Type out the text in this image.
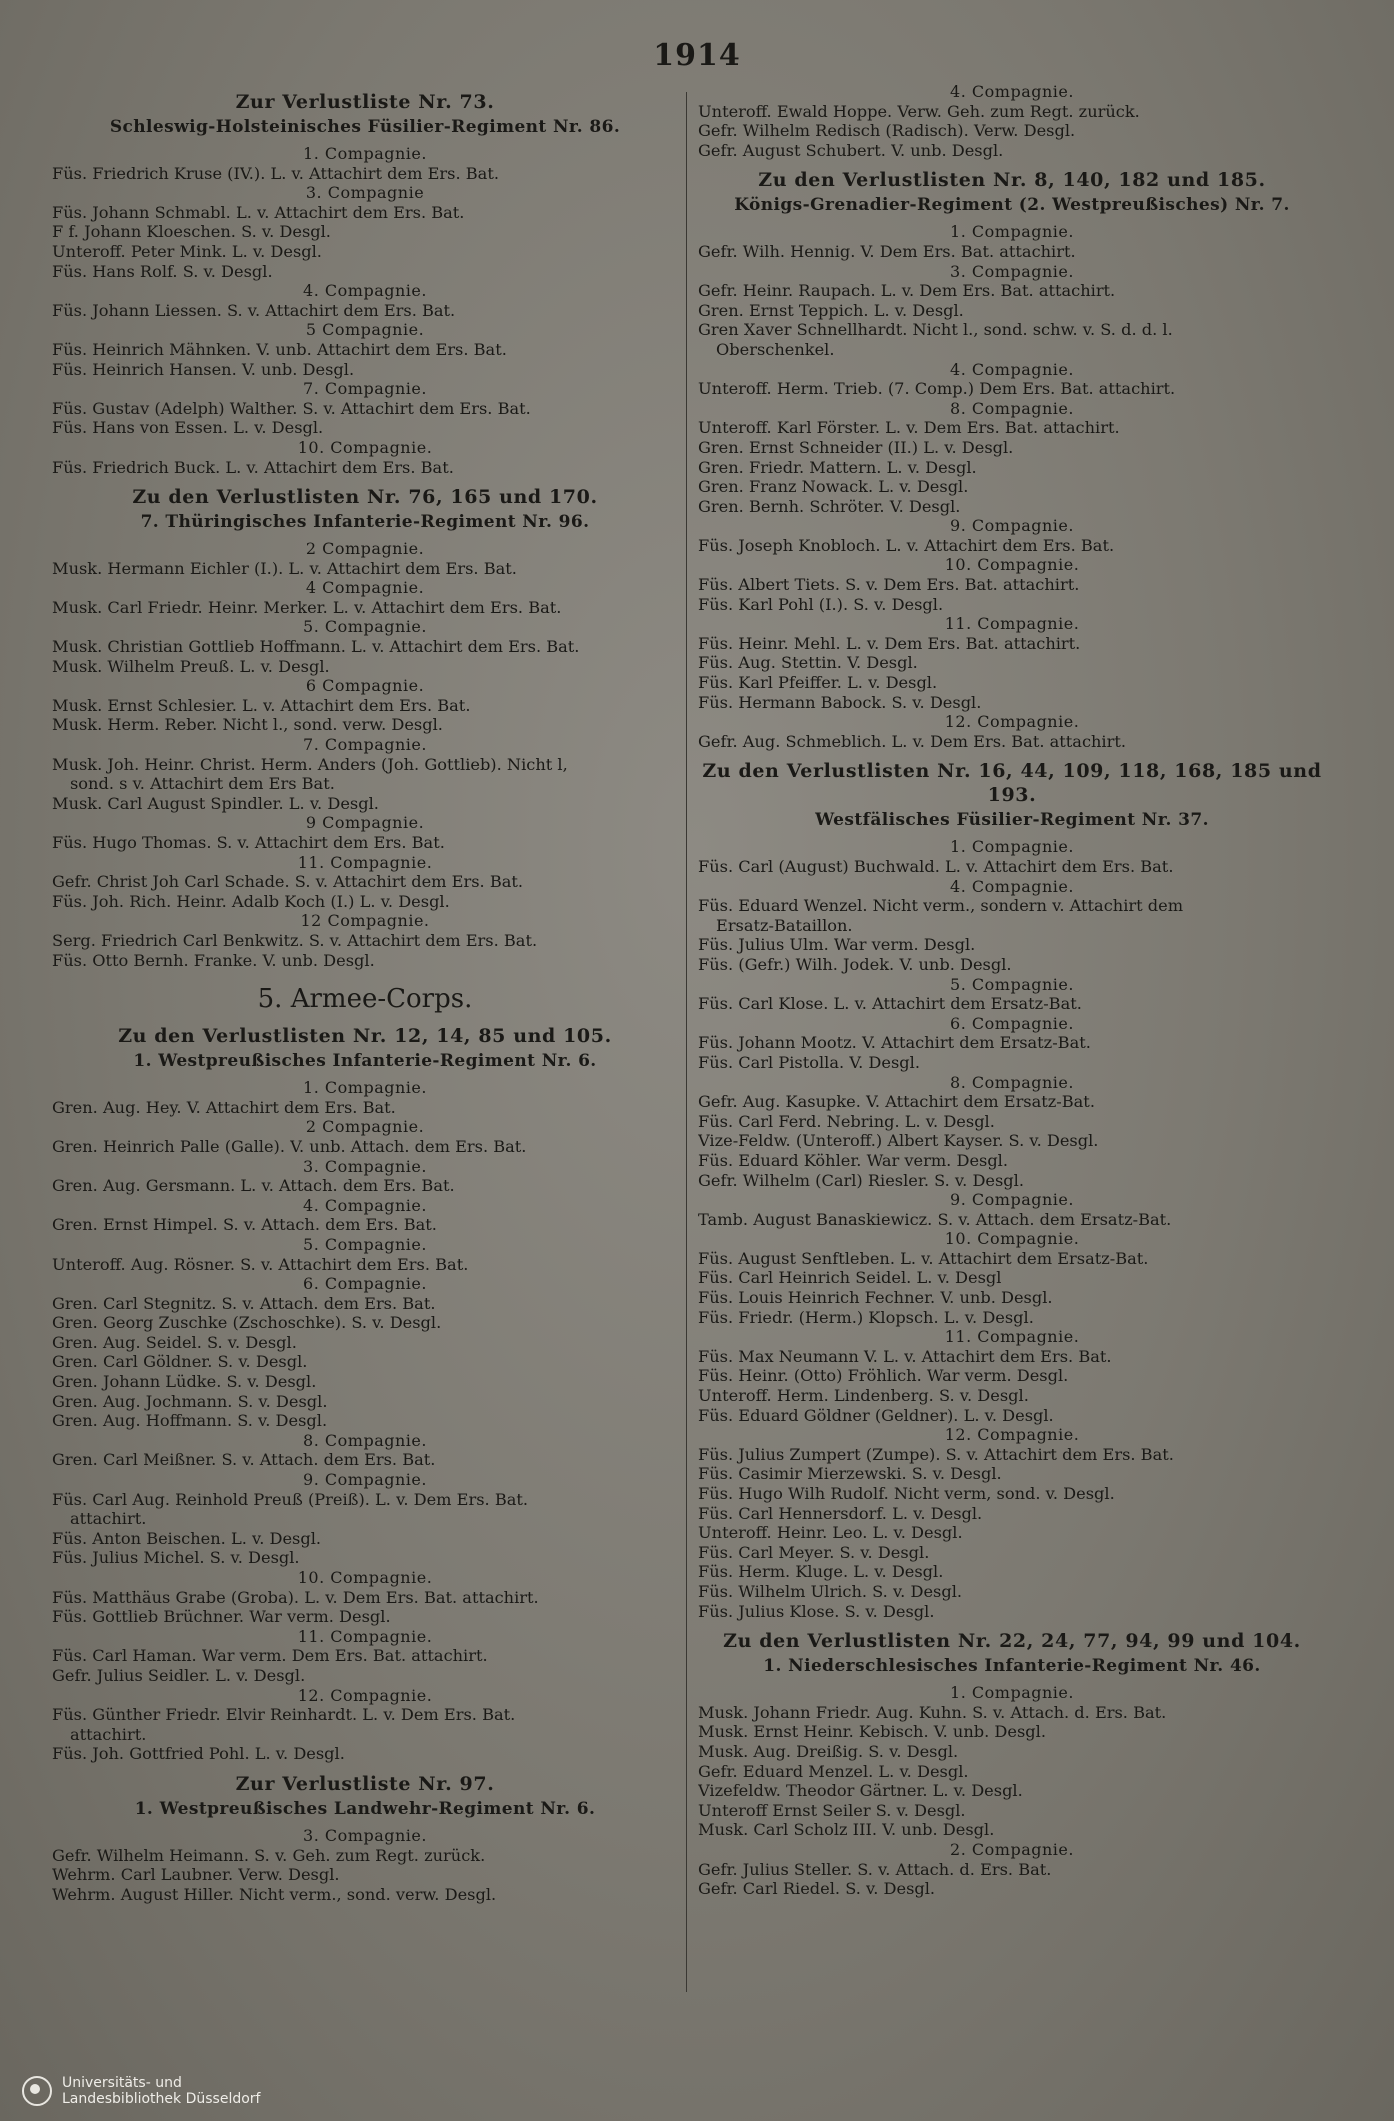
1914
Zur Verlustliste Nr. 73.
Schleswig-Holsteinisches Füsilier-Regiment Nr. 86.
1. Compagnie.
Füs. Friedrich Kruse (IV.). L. v. Attachirt dem Ers. Bat.
3. Compagnie
Füs. Johann Schmabl. L. v. Attachirt dem Ers. Bat.
F f. Johann Kloeschen. S. v. Desgl.
Unteroff. Peter Mink. L. v. Desgl.
Füs. Hans Rolf. S. v. Desgl.
4. Compagnie.
Füs. Johann Liessen. S. v. Attachirt dem Ers. Bat.
5 Compagnie.
Füs. Heinrich Mähnken. V. unb. Attachirt dem Ers. Bat.
Füs. Heinrich Hansen. V. unb. Desgl.
7. Compagnie.
Füs. Gustav (Adelph) Walther. S. v. Attachirt dem Ers. Bat.
Füs. Hans von Essen. L. v. Desgl.
10. Compagnie.
Füs. Friedrich Buck. L. v. Attachirt dem Ers. Bat.
Zu den Verlustlisten Nr. 76, 165 und 170.
7. Thüringisches Infanterie-Regiment Nr. 96.
2 Compagnie.
Musk. Hermann Eichler (I.). L. v. Attachirt dem Ers. Bat.
4 Compagnie.
Musk. Carl Friedr. Heinr. Merker. L. v. Attachirt dem Ers. Bat.
5. Compagnie.
Musk. Christian Gottlieb Hoffmann. L. v. Attachirt dem Ers. Bat.
Musk. Wilhelm Preuß. L. v. Desgl.
6 Compagnie.
Musk. Ernst Schlesier. L. v. Attachirt dem Ers. Bat.
Musk. Herm. Reber. Nicht l., sond. verw. Desgl.
7. Compagnie.
Musk. Joh. Heinr. Christ. Herm. Anders (Joh. Gottlieb). Nicht l,
sond. s v. Attachirt dem Ers Bat.
Musk. Carl August Spindler. L. v. Desgl.
9 Compagnie.
Füs. Hugo Thomas. S. v. Attachirt dem Ers. Bat.
11. Compagnie.
Gefr. Christ Joh Carl Schade. S. v. Attachirt dem Ers. Bat.
Füs. Joh. Rich. Heinr. Adalb Koch (I.) L. v. Desgl.
12 Compagnie.
Serg. Friedrich Carl Benkwitz. S. v. Attachirt dem Ers. Bat.
Füs. Otto Bernh. Franke. V. unb. Desgl.
5. Armee-Corps.
Zu den Verlustlisten Nr. 12, 14, 85 und 105.
1. Westpreußisches Infanterie-Regiment Nr. 6.
1. Compagnie.
Gren. Aug. Hey. V. Attachirt dem Ers. Bat.
2 Compagnie.
Gren. Heinrich Palle (Galle). V. unb. Attach. dem Ers. Bat.
3. Compagnie.
Gren. Aug. Gersmann. L. v. Attach. dem Ers. Bat.
4. Compagnie.
Gren. Ernst Himpel. S. v. Attach. dem Ers. Bat.
5. Compagnie.
Unteroff. Aug. Rösner. S. v. Attachirt dem Ers. Bat.
6. Compagnie.
Gren. Carl Stegnitz. S. v. Attach. dem Ers. Bat.
Gren. Georg Zuschke (Zschoschke). S. v. Desgl.
Gren. Aug. Seidel. S. v. Desgl.
Gren. Carl Göldner. S. v. Desgl.
Gren. Johann Lüdke. S. v. Desgl.
Gren. Aug. Jochmann. S. v. Desgl.
Gren. Aug. Hoffmann. S. v. Desgl.
8. Compagnie.
Gren. Carl Meißner. S. v. Attach. dem Ers. Bat.
9. Compagnie.
Füs. Carl Aug. Reinhold Preuß (Preiß). L. v. Dem Ers. Bat.
attachirt.
Füs. Anton Beischen. L. v. Desgl.
Füs. Julius Michel. S. v. Desgl.
10. Compagnie.
Füs. Matthäus Grabe (Groba). L. v. Dem Ers. Bat. attachirt.
Füs. Gottlieb Brüchner. War verm. Desgl.
11. Compagnie.
Füs. Carl Haman. War verm. Dem Ers. Bat. attachirt.
Gefr. Julius Seidler. L. v. Desgl.
12. Compagnie.
Füs. Günther Friedr. Elvir Reinhardt. L. v. Dem Ers. Bat.
attachirt.
Füs. Joh. Gottfried Pohl. L. v. Desgl.
Zur Verlustliste Nr. 97.
1. Westpreußisches Landwehr-Regiment Nr. 6.
3. Compagnie.
Gefr. Wilhelm Heimann. S. v. Geh. zum Regt. zurück.
Wehrm. Carl Laubner. Verw. Desgl.
Wehrm. August Hiller. Nicht verm., sond. verw. Desgl.
4. Compagnie.
Unteroff. Ewald Hoppe. Verw. Geh. zum Regt. zurück.
Gefr. Wilhelm Redisch (Radisch). Verw. Desgl.
Gefr. August Schubert. V. unb. Desgl.
Zu den Verlustlisten Nr. 8, 140, 182 und 185.
Königs-Grenadier-Regiment (2. Westpreußisches) Nr. 7.
1. Compagnie.
Gefr. Wilh. Hennig. V. Dem Ers. Bat. attachirt.
3. Compagnie.
Gefr. Heinr. Raupach. L. v. Dem Ers. Bat. attachirt.
Gren. Ernst Teppich. L. v. Desgl.
Gren Xaver Schnellhardt. Nicht l., sond. schw. v. S. d. d. l.
Oberschenkel.
4. Compagnie.
Unteroff. Herm. Trieb. (7. Comp.) Dem Ers. Bat. attachirt.
8. Compagnie.
Unteroff. Karl Förster. L. v. Dem Ers. Bat. attachirt.
Gren. Ernst Schneider (II.) L. v. Desgl.
Gren. Friedr. Mattern. L. v. Desgl.
Gren. Franz Nowack. L. v. Desgl.
Gren. Bernh. Schröter. V. Desgl.
9. Compagnie.
Füs. Joseph Knobloch. L. v. Attachirt dem Ers. Bat.
10. Compagnie.
Füs. Albert Tiets. S. v. Dem Ers. Bat. attachirt.
Füs. Karl Pohl (I.). S. v. Desgl.
11. Compagnie.
Füs. Heinr. Mehl. L. v. Dem Ers. Bat. attachirt.
Füs. Aug. Stettin. V. Desgl.
Füs. Karl Pfeiffer. L. v. Desgl.
Füs. Hermann Babock. S. v. Desgl.
12. Compagnie.
Gefr. Aug. Schmeblich. L. v. Dem Ers. Bat. attachirt.
Zu den Verlustlisten Nr. 16, 44, 109, 118, 168, 185 und 193.
Westfälisches Füsilier-Regiment Nr. 37.
1. Compagnie.
Füs. Carl (August) Buchwald. L. v. Attachirt dem Ers. Bat.
4. Compagnie.
Füs. Eduard Wenzel. Nicht verm., sondern v. Attachirt dem
Ersatz-Bataillon.
Füs. Julius Ulm. War verm. Desgl.
Füs. (Gefr.) Wilh. Jodek. V. unb. Desgl.
5. Compagnie.
Füs. Carl Klose. L. v. Attachirt dem Ersatz-Bat.
6. Compagnie.
Füs. Johann Mootz. V. Attachirt dem Ersatz-Bat.
Füs. Carl Pistolla. V. Desgl.
8. Compagnie.
Gefr. Aug. Kasupke. V. Attachirt dem Ersatz-Bat.
Füs. Carl Ferd. Nebring. L. v. Desgl.
Vize-Feldw. (Unteroff.) Albert Kayser. S. v. Desgl.
Füs. Eduard Köhler. War verm. Desgl.
Gefr. Wilhelm (Carl) Riesler. S. v. Desgl.
9. Compagnie.
Tamb. August Banaskiewicz. S. v. Attach. dem Ersatz-Bat.
10. Compagnie.
Füs. August Senftleben. L. v. Attachirt dem Ersatz-Bat.
Füs. Carl Heinrich Seidel. L. v. Desgl
Füs. Louis Heinrich Fechner. V. unb. Desgl.
Füs. Friedr. (Herm.) Klopsch. L. v. Desgl.
11. Compagnie.
Füs. Max Neumann V. L. v. Attachirt dem Ers. Bat.
Füs. Heinr. (Otto) Fröhlich. War verm. Desgl.
Unteroff. Herm. Lindenberg. S. v. Desgl.
Füs. Eduard Göldner (Geldner). L. v. Desgl.
12. Compagnie.
Füs. Julius Zumpert (Zumpe). S. v. Attachirt dem Ers. Bat.
Füs. Casimir Mierzewski. S. v. Desgl.
Füs. Hugo Wilh Rudolf. Nicht verm, sond. v. Desgl.
Füs. Carl Hennersdorf. L. v. Desgl.
Unteroff. Heinr. Leo. L. v. Desgl.
Füs. Carl Meyer. S. v. Desgl.
Füs. Herm. Kluge. L. v. Desgl.
Füs. Wilhelm Ulrich. S. v. Desgl.
Füs. Julius Klose. S. v. Desgl.
Zu den Verlustlisten Nr. 22, 24, 77, 94, 99 und 104.
1. Niederschlesisches Infanterie-Regiment Nr. 46.
1. Compagnie.
Musk. Johann Friedr. Aug. Kuhn. S. v. Attach. d. Ers. Bat.
Musk. Ernst Heinr. Kebisch. V. unb. Desgl.
Musk. Aug. Dreißig. S. v. Desgl.
Gefr. Eduard Menzel. L. v. Desgl.
Vizefeldw. Theodor Gärtner. L. v. Desgl.
Unteroff Ernst Seiler S. v. Desgl.
Musk. Carl Scholz III. V. unb. Desgl.
2. Compagnie.
Gefr. Julius Steller. S. v. Attach. d. Ers. Bat.
Gefr. Carl Riedel. S. v. Desgl.
Universitäts- und
Landesbibliothek Düsseldorf
